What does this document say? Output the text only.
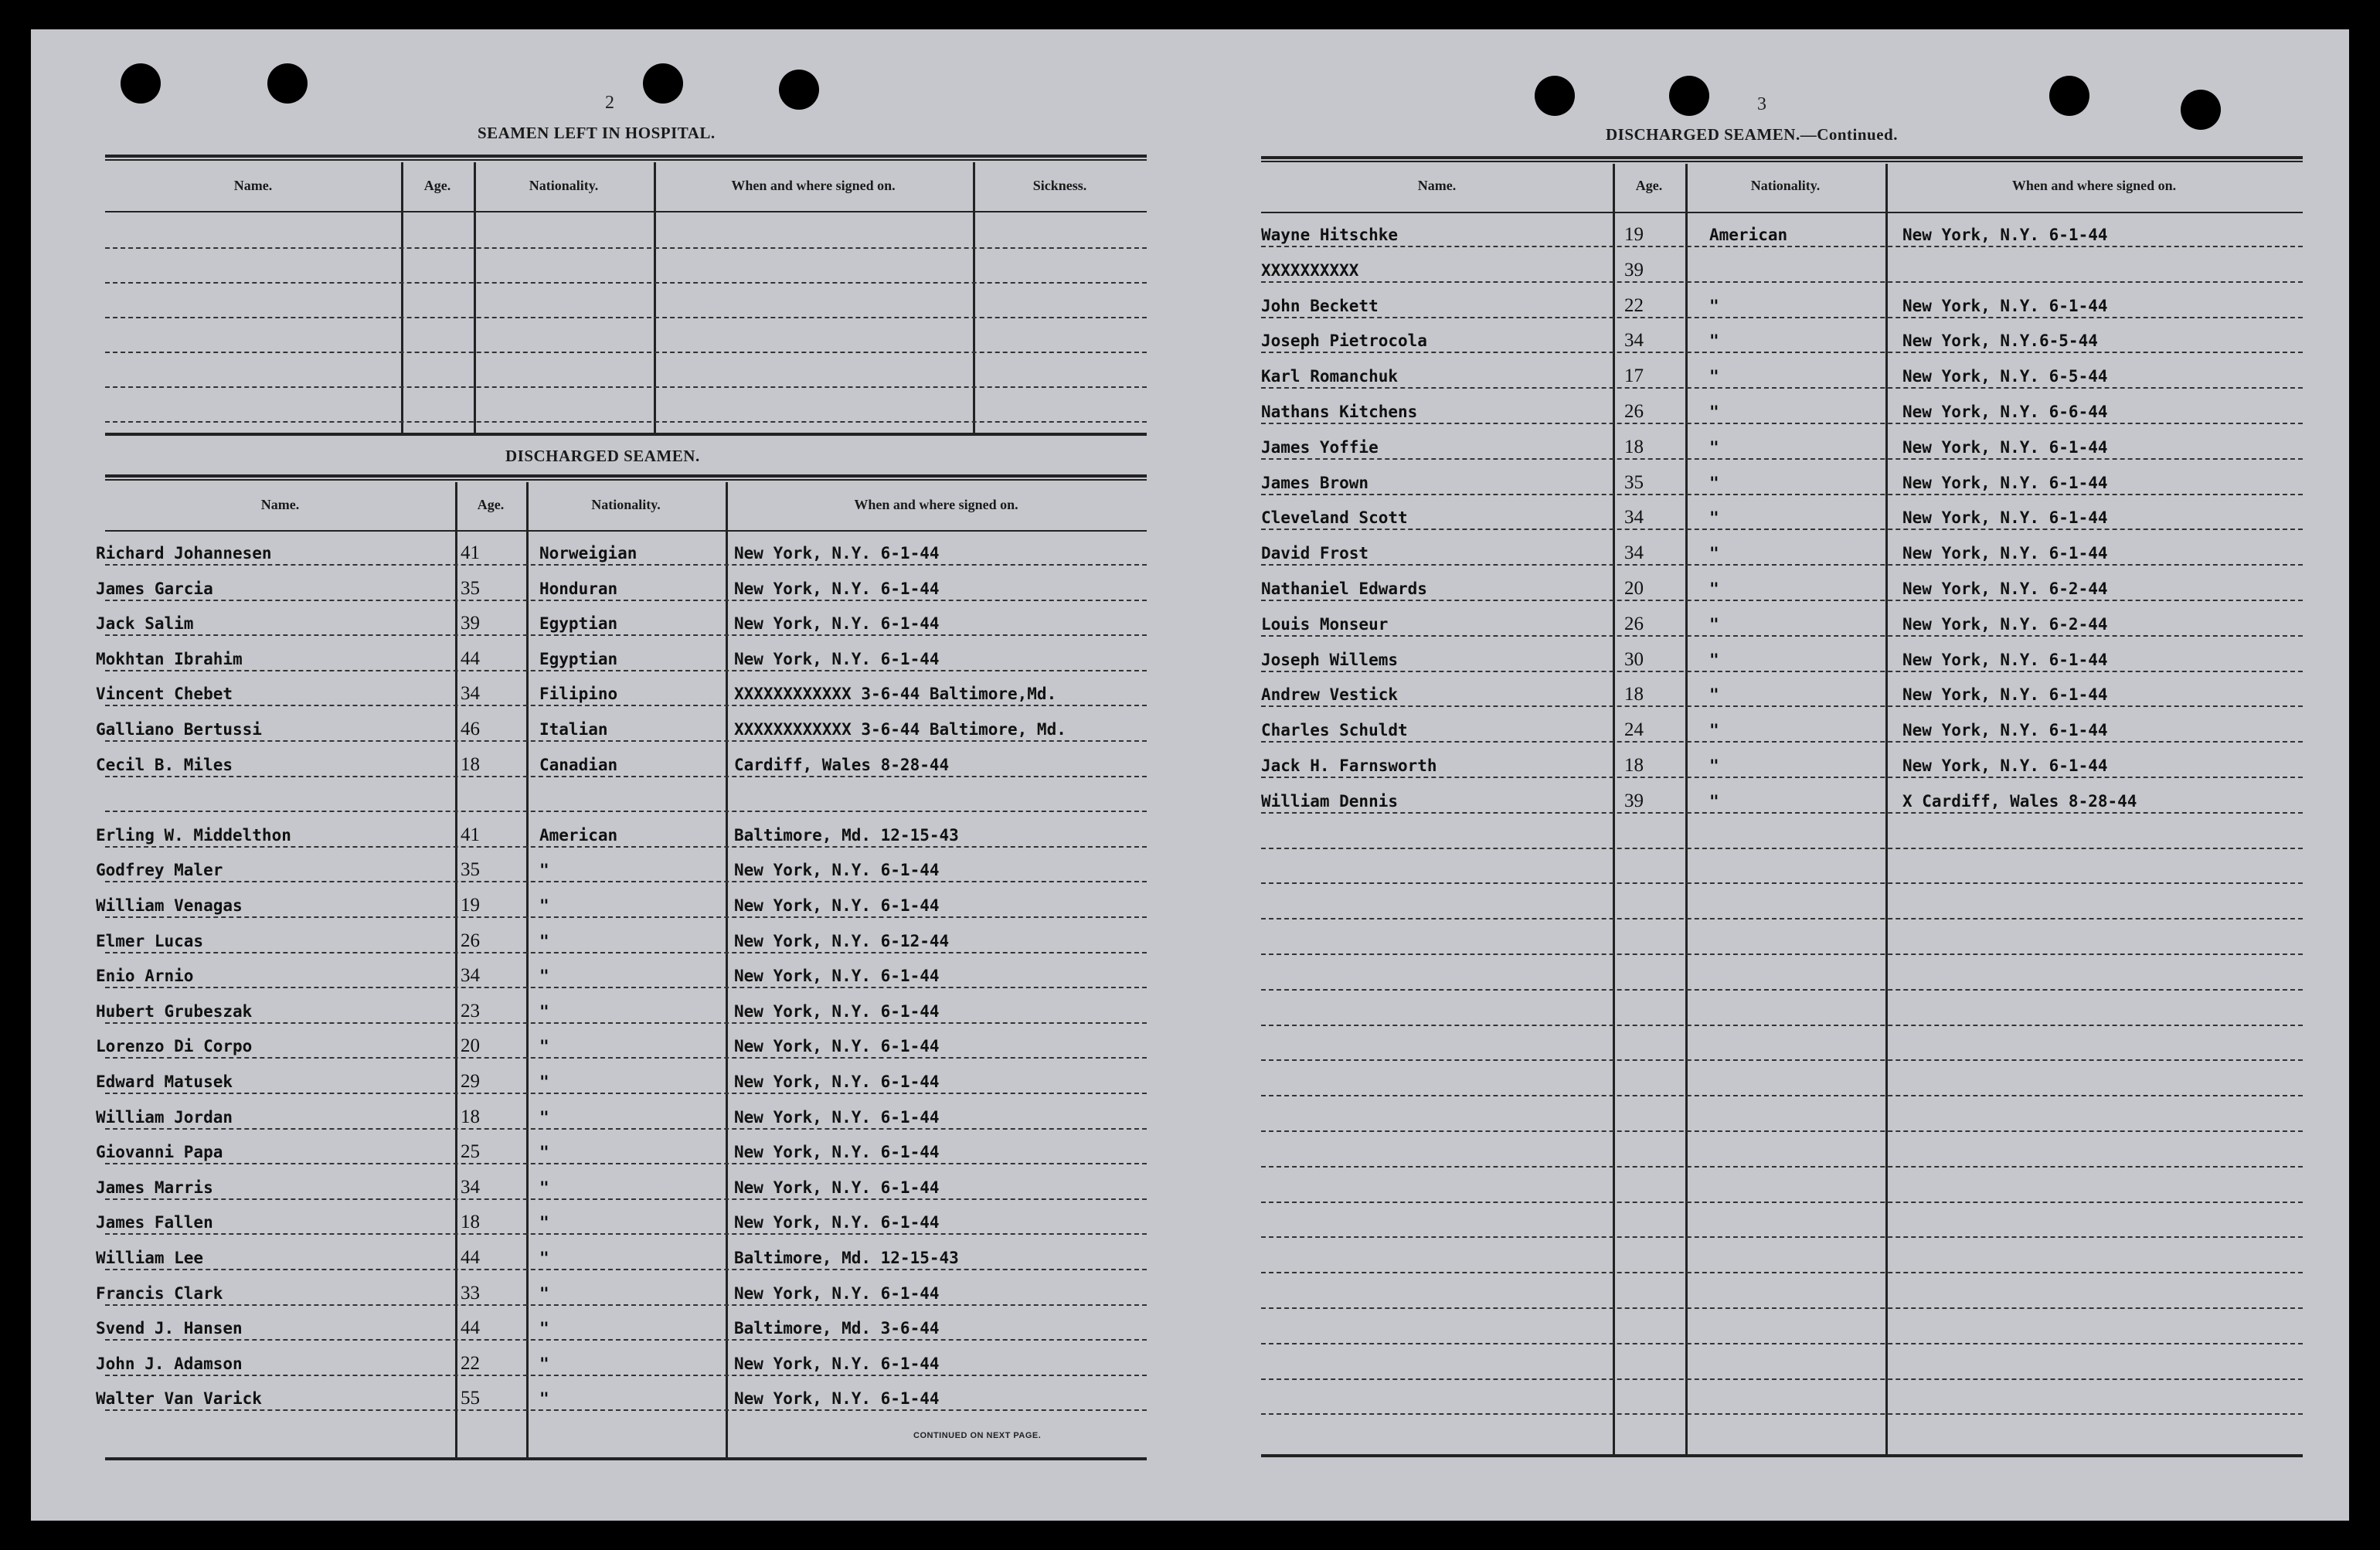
2
SEAMEN LEFT IN HOSPITAL.
Name.	Age.	Nationality.	When and where signed on.	Sickness.
DISCHARGED SEAMEN.
Name.	Age.	Nationality.	When and where signed on.
Richard Johannesen	41	Norweigian	New York, N.Y. 6-1-44
James Garcia	35	Honduran	New York, N.Y. 6-1-44
Jack Salim	39	Egyptian	New York, N.Y. 6-1-44
Mokhtan Ibrahim	44	Egyptian	New York, N.Y. 6-1-44
Vincent Chebet	34	Filipino	XXXXXXXXXXXX 3-6-44 Baltimore,Md.
Galliano Bertussi	46	Italian	XXXXXXXXXXXX 3-6-44 Baltimore, Md.
Cecil B. Miles	18	Canadian	Cardiff, Wales 8-28-44
Erling W. Middelthon	41	American	Baltimore, Md. 12-15-43
Godfrey Maler	35	"	New York, N.Y. 6-1-44
William Venagas	19	"	New York, N.Y. 6-1-44
Elmer Lucas	26	"	New York, N.Y. 6-12-44
Enio Arnio	34	"	New York, N.Y. 6-1-44
Hubert Grubeszak	23	"	New York, N.Y. 6-1-44
Lorenzo Di Corpo	20	"	New York, N.Y. 6-1-44
Edward Matusek	29	"	New York, N.Y. 6-1-44
William Jordan	18	"	New York, N.Y. 6-1-44
Giovanni Papa	25	"	New York, N.Y. 6-1-44
James Marris	34	"	New York, N.Y. 6-1-44
James Fallen	18	"	New York, N.Y. 6-1-44
William Lee	44	"	Baltimore, Md. 12-15-43
Francis Clark	33	"	New York, N.Y. 6-1-44
Svend J. Hansen	44	"	Baltimore, Md. 3-6-44
John J. Adamson	22	"	New York, N.Y. 6-1-44
Walter Van Varick	55	"	New York, N.Y. 6-1-44
CONTINUED ON NEXT PAGE.
3
DISCHARGED SEAMEN.—Continued.
Name.	Age.	Nationality.	When and where signed on.
Wayne Hitschke	19	American	New York, N.Y. 6-1-44
XXXXXXXXXX	39
John Beckett	22	"	New York, N.Y. 6-1-44
Joseph Pietrocola	34	"	New York, N.Y.6-5-44
Karl Romanchuk	17	"	New York, N.Y. 6-5-44
Nathans Kitchens	26	"	New York, N.Y. 6-6-44
James Yoffie	18	"	New York, N.Y. 6-1-44
James Brown	35	"	New York, N.Y. 6-1-44
Cleveland Scott	34	"	New York, N.Y. 6-1-44
David Frost	34	"	New York, N.Y. 6-1-44
Nathaniel Edwards	20	"	New York, N.Y. 6-2-44
Louis Monseur	26	"	New York, N.Y. 6-2-44
Joseph Willems	30	"	New York, N.Y. 6-1-44
Andrew Vestick	18	"	New York, N.Y. 6-1-44
Charles Schuldt	24	"	New York, N.Y. 6-1-44
Jack H. Farnsworth	18	"	New York, N.Y. 6-1-44
William Dennis	39	"	X Cardiff, Wales 8-28-44
